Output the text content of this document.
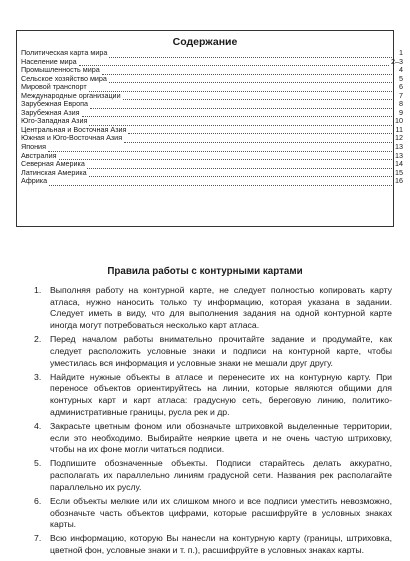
Содержание
Политическая карта мира	1
Население мира	2–3
Промышленность мира	4
Сельское хозяйство мира	5
Мировой транспорт	6
Международные организации	7
Зарубежная Европа	8
Зарубежная Азия	9
Юго-Западная Азия	10
Центральная и Восточная Азия	11
Южная и Юго-Восточная Азия	12
Япония	13
Австралия	13
Северная Америка	14
Латинская Америка	15
Африка	16
Правила работы с контурными картами
1. Выполняя работу на контурной карте, не следует полностью копировать карту атласа, нужно наносить только ту информацию, которая указана в задании. Следует иметь в виду, что для выполнения задания на одной контурной карте иногда могут потребоваться несколько карт атласа.
2. Перед началом работы внимательно прочитайте задание и продумайте, как следует расположить условные знаки и подписи на контурной карте, чтобы уместилась вся информация и условные знаки не мешали друг другу.
3. Найдите нужные объекты в атласе и перенесите их на контурную карту. При переносе объектов ориентируйтесь на линии, которые являются общими для контурных карт и карт атласа: градусную сеть, береговую линию, политико-административные границы, русла рек и др.
4. Закрасьте цветным фоном или обозначьте штриховкой выделенные территории, если это необходимо. Выбирайте неяркие цвета и не очень частую штриховку, чтобы на их фоне могли читаться подписи.
5. Подпишите обозначенные объекты. Подписи старайтесь делать аккуратно, располагать их параллельно линиям градусной сети. Названия рек располагайте параллельно их руслу.
6. Если объекты мелкие или их слишком много и все подписи уместить невозможно, обозначьте часть объектов цифрами, которые расшифруйте в условных знаках карты.
7. Всю информацию, которую Вы нанесли на контурную карту (границы, штриховка, цветной фон, условные знаки и т. п.), расшифруйте в условных знаках карты.
